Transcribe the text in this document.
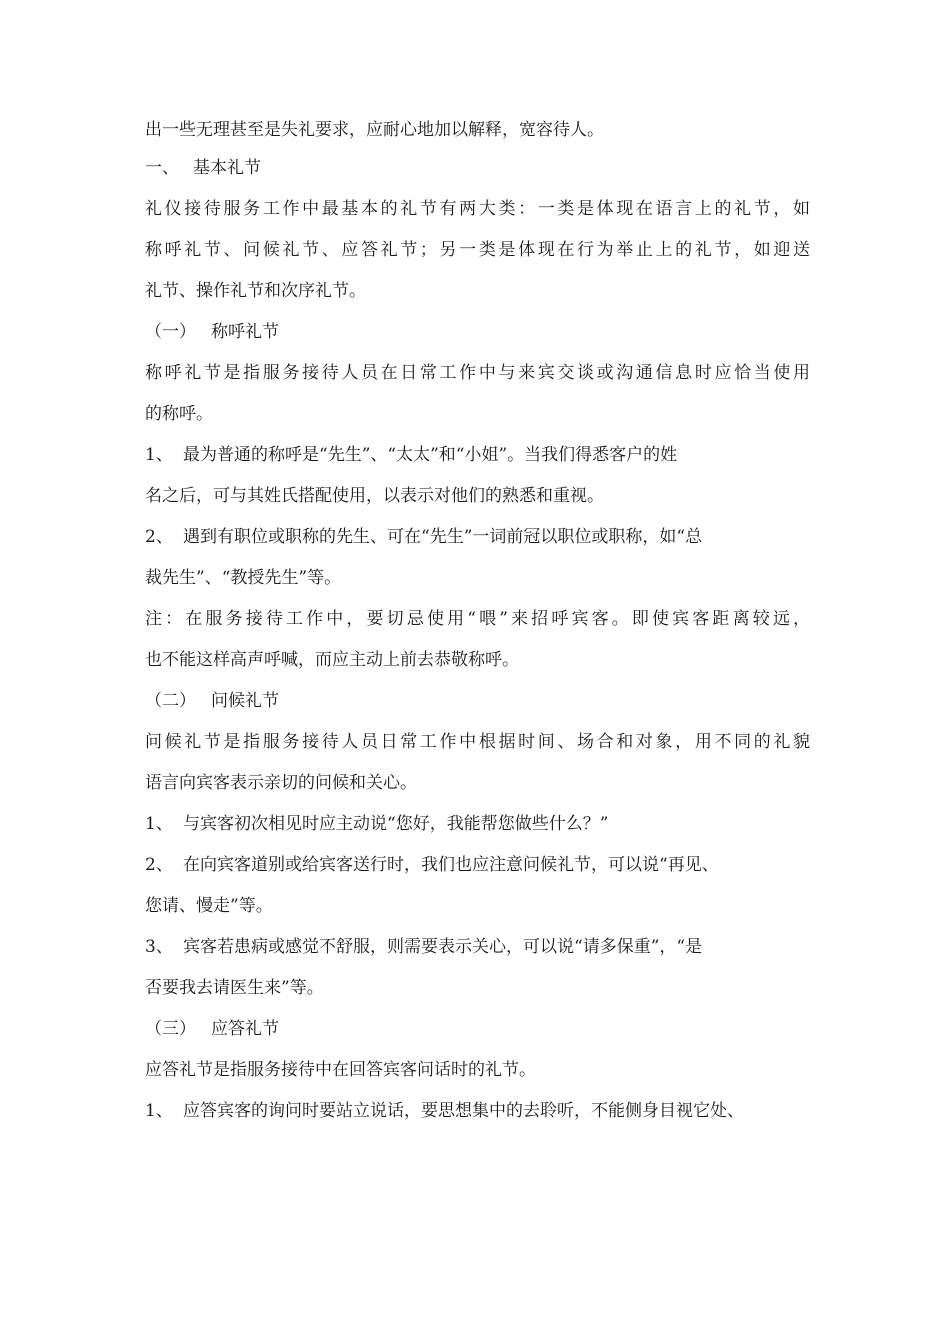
出一些无理甚至是失礼要求，应耐心地加以解释，宽容待人。
一、 基本礼节
礼仪接待服务工作中最基本的礼节有两大类：一类是体现在语言上的礼节，如
称呼礼节、问候礼节、应答礼节；另一类是体现在行为举止上的礼节，如迎送
礼节、操作礼节和次序礼节。
（一） 称呼礼节
称呼礼节是指服务接待人员在日常工作中与来宾交谈或沟通信息时应恰当使用
的称呼。
1、 最为普通的称呼是“先生”、“太太”和“小姐”。当我们得悉客户的姓
名之后，可与其姓氏搭配使用，以表示对他们的熟悉和重视。
2、 遇到有职位或职称的先生、可在“先生”一词前冠以职位或职称，如“总
裁先生”、“教授先生”等。
注：在服务接待工作中，要切忌使用“喂”来招呼宾客。即使宾客距离较远，
也不能这样高声呼喊，而应主动上前去恭敬称呼。
（二） 问候礼节
问候礼节是指服务接待人员日常工作中根据时间、场合和对象，用不同的礼貌
语言向宾客表示亲切的问候和关心。
1、 与宾客初次相见时应主动说“您好，我能帮您做些什么？”
2、 在向宾客道别或给宾客送行时，我们也应注意问候礼节，可以说“再见、
您请、慢走”等。
3、 宾客若患病或感觉不舒服，则需要表示关心，可以说“请多保重”，“是
否要我去请医生来”等。
（三） 应答礼节
应答礼节是指服务接待中在回答宾客问话时的礼节。
1、 应答宾客的询问时要站立说话，要思想集中的去聆听，不能侧身目视它处、
